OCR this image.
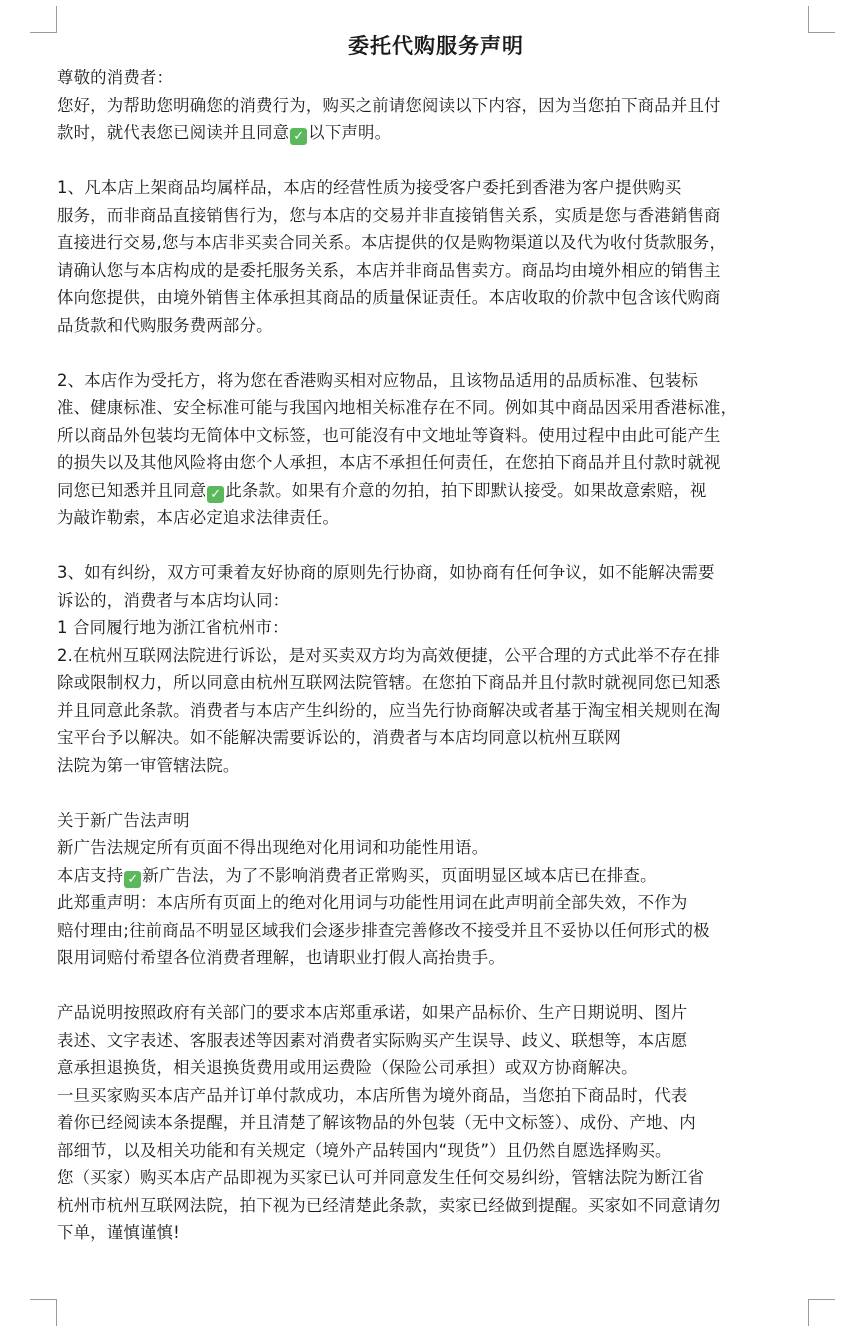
委托代购服务声明
尊敬的消费者：
您好，为帮助您明确您的消费行为，购买之前请您阅读以下内容，因为当您拍下商品并且付
款时，就代表您已阅读并且同意 ✓ 以下声明。
1、凡本店上架商品均属样品，本店的经营性质为接受客户委托到香港为客户提供购买
服务，而非商品直接销售行为，您与本店的交易并非直接销售关系，实质是您与香港銷售商
直接进行交易,您与本店非买卖合同关系。本店提供的仅是购物渠道以及代为收付货款服务，
请确认您与本店构成的是委托服务关系，本店并非商品售卖方。商品均由境外相应的销售主
体向您提供，由境外销售主体承担其商品的质量保证责任。本店收取的价款中包含该代购商
品货款和代购服务费两部分。
2、本店作为受托方，将为您在香港购买相对应物品，且该物品适用的品质标准、包装标
准、健康标准、安全标准可能与我国內地相关标准存在不同。例如其中商品因采用香港标准，
所以商品外包装均无简体中文标签，也可能沒有中文地址等資料。使用过程中由此可能产生
的损失以及其他风险将由您个人承担，本店不承担任何责任，在您拍下商品并且付款时就视
同您已知悉并且同意 ✓ 此条款。如果有介意的勿拍，拍下即默认接受。如果故意索赔，视
为敲诈勒索，本店必定追求法律责任。
3、如有纠纷，双方可秉着友好协商的原则先行协商，如协商有任何争议，如不能解决需要
诉讼的，消费者与本店均认同：
1 合同履行地为浙江省杭州市：
2.在杭州互联网法院进行诉讼，是对买卖双方均为高效便捷，公平合理的方式此举不存在排
除或限制权力，所以同意由杭州互联网法院管辖。在您拍下商品并且付款时就视同您已知悉
并且同意此条款。消费者与本店产生纠纷的，应当先行协商解决或者基于淘宝相关规则在淘
宝平台予以解决。如不能解决需要诉讼的，消费者与本店均同意以杭州互联网
法院为第一审管辖法院。
关于新广告法声明
新广告法规定所有页面不得出现绝对化用词和功能性用语。
本店支持 ✓ 新广告法，为了不影响消费者正常购买，页面明显区域本店已在排查。
此郑重声明：本店所有页面上的绝对化用词与功能性用词在此声明前全部失效，不作为
赔付理由;往前商品不明显区域我们会逐步排查完善修改不接受并且不妥协以任何形式的极
限用词赔付希望各位消费者理解，也请职业打假人高抬贵手。
产品说明按照政府有关部门的要求本店郑重承诺，如果产品标价、生产日期说明、图片
表述、文字表述、客服表述等因素对消费者实际购买产生误导、歧义、联想等，本店愿
意承担退换货，相关退换货费用或用运费险（保险公司承担）或双方协商解决。
一旦买家购买本店产品并订单付款成功，本店所售为境外商品，当您拍下商品时，代表
着你已经阅读本条提醒，并且清楚了解该物品的外包装（无中文标签）、成份、产地、内
部细节，以及相关功能和有关规定（境外产品转国内“现货”）且仍然自愿选择购买。
您（买家）购买本店产品即视为买家已认可并同意发生任何交易纠纷，管辖法院为断江省
杭州市杭州互联网法院，拍下视为已经清楚此条款，卖家已经做到提醒。买家如不同意请勿
下单，谨慎谨慎!
